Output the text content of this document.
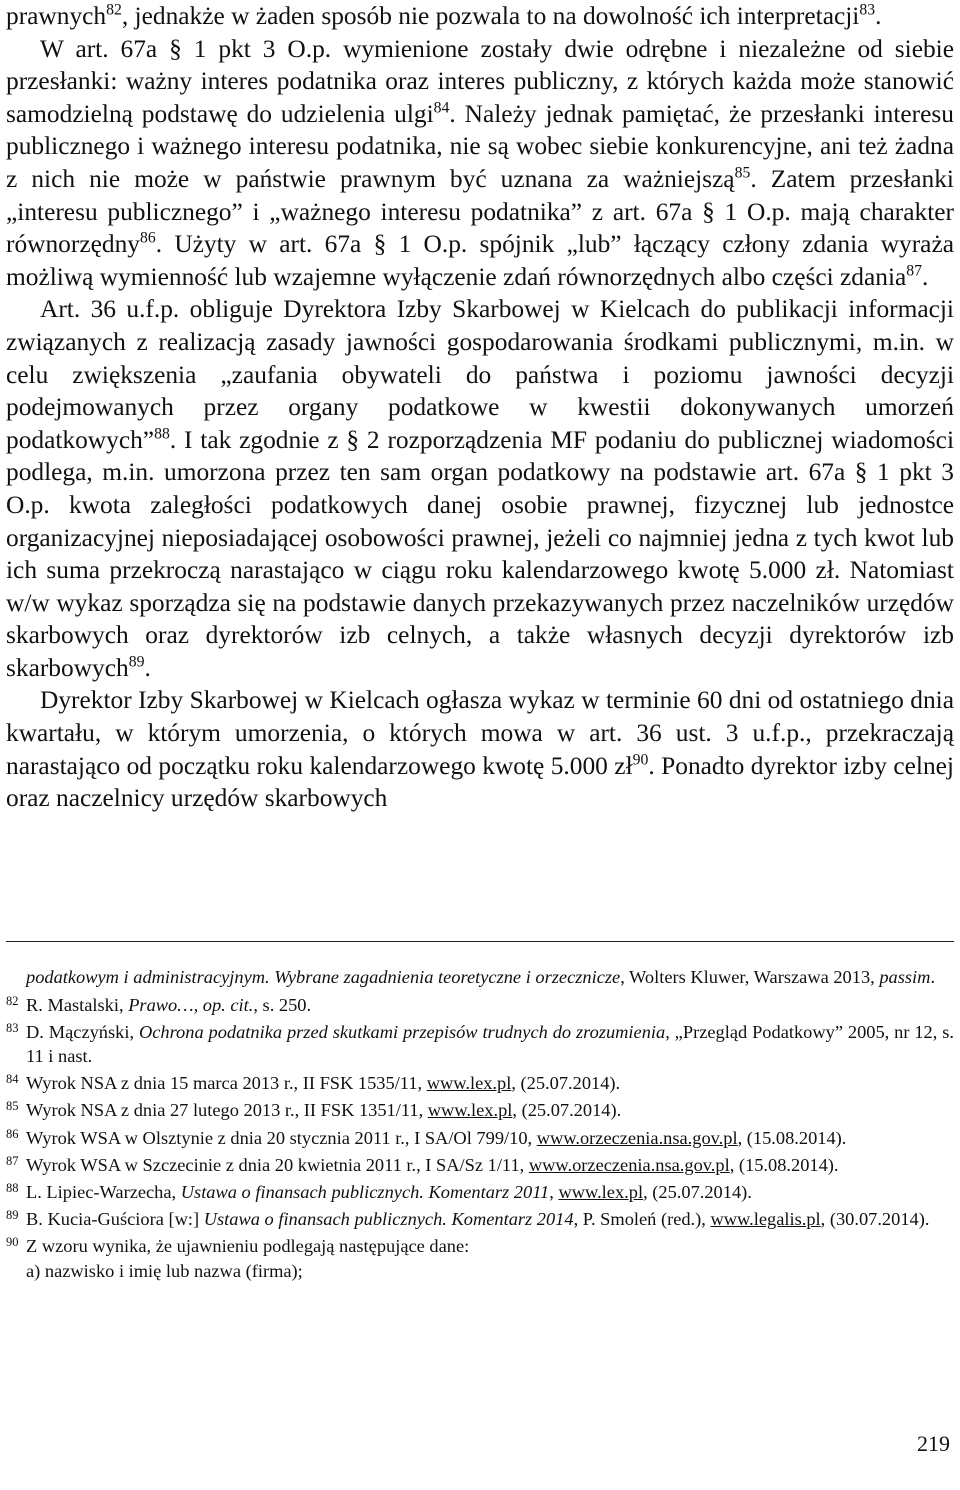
prawnych$^{82}$, jednakże w żaden sposób nie pozwala to na dowolność ich interpretacji$^{83}$.

W art. 67a § 1 pkt 3 O.p. wymienione zostały dwie odrębne i niezależne od siebie przesłanki: ważny interes podatnika oraz interes publiczny, z których każda może stanowić samodzielną podstawę do udzielenia ulgi$^{84}$. Należy jednak pamiętać, że przesłanki interesu publicznego i ważnego interesu podatnika, nie są wobec siebie konkurencyjne, ani też żadna z nich nie może w państwie prawnym być uznana za ważniejszą$^{85}$. Zatem przesłanki „interesu publicznego” i „ważnego interesu podatnika” z art. 67a § 1 O.p. mają charakter równorzędny$^{86}$. Użyty w art. 67a § 1 O.p. spójnik „lub” łączący człony zdania wyraża możliwą wymienność lub wzajemne wyłączenie zdań równorzędnych albo części zdania$^{87}$.

Art. 36 u.f.p. obliguje Dyrektora Izby Skarbowej w Kielcach do publikacji informacji związanych z realizacją zasady jawności gospodarowania środkami publicznymi, m.in. w celu zwiększenia „zaufania obywateli do państwa i poziomu jawności decyzji podejmowanych przez organy podatkowe w kwestii dokonywanych umorzeń podatkowych”$^{88}$. I tak zgodnie z § 2 rozporządzenia MF podaniu do publicznej wiadomości podlega, m.in. umorzona przez ten sam organ podatkowy na podstawie art. 67a § 1 pkt 3 O.p. kwota zaległości podatkowych danej osobie prawnej, fizycznej lub jednostce organizacyjnej nieposiadającej osobowości prawnej, jeżeli co najmniej jedna z tych kwot lub ich suma przekroczą narastająco w ciągu roku kalendarzowego kwotę 5.000 zł. Natomiast w/w wykaz sporządza się na podstawie danych przekazywanych przez naczelników urzędów skarbowych oraz dyrektorów izb celnych, a także własnych decyzji dyrektorów izb skarbowych$^{89}$.

Dyrektor Izby Skarbowej w Kielcach ogłasza wykaz w terminie 60 dni od ostatniego dnia kwartału, w którym umorzenia, o których mowa w art. 36 ust. 3 u.f.p., przekraczają narastająco od początku roku kalendarzowego kwotę 5.000 $zł^{90}$. Ponadto dyrektor izby celnej oraz naczelnicy urzędów skarbowych

podatkowym i administracyjnym. Wybrane zagadnienia teoretyczne i orzecznicze, Wolters Kluwer, Warszawa 2013, passim.
82 R. Mastalski, Prawo…, op. cit., s. 250.
83 D. Mączyński, Ochrona podatnika przed skutkami przepisów trudnych do zrozumienia, „Przegląd Podatkowy” 2005, nr 12, s. 11 i nast.
84 Wyrok NSA z dnia 15 marca 2013 r., II FSK 1535/11, www.lex.pl, (25.07.2014).
85 Wyrok NSA z dnia 27 lutego 2013 r., II FSK 1351/11, www.lex.pl, (25.07.2014).
86 Wyrok WSA w Olsztynie z dnia 20 stycznia 2011 r., I SA/Ol 799/10, www.orzeczenia.nsa.gov.pl, (15.08.2014).
87 Wyrok WSA w Szczecinie z dnia 20 kwietnia 2011 r., I SA/Sz 1/11, www.orzeczenia.nsa.gov.pl, (15.08.2014).
88 L. Lipiec-Warzecha, Ustawa o finansach publicznych. Komentarz 2011, www.lex.pl, (25.07.2014).
89 B. Kucia-Guściora [w:] Ustawa o finansach publicznych. Komentarz 2014, P. Smoleń (red.), www.legalis.pl, (30.07.2014).
90 Z wzoru wynika, że ujawnieniu podlegają następujące dane:
a) nazwisko i imię lub nazwa (firma);
219
